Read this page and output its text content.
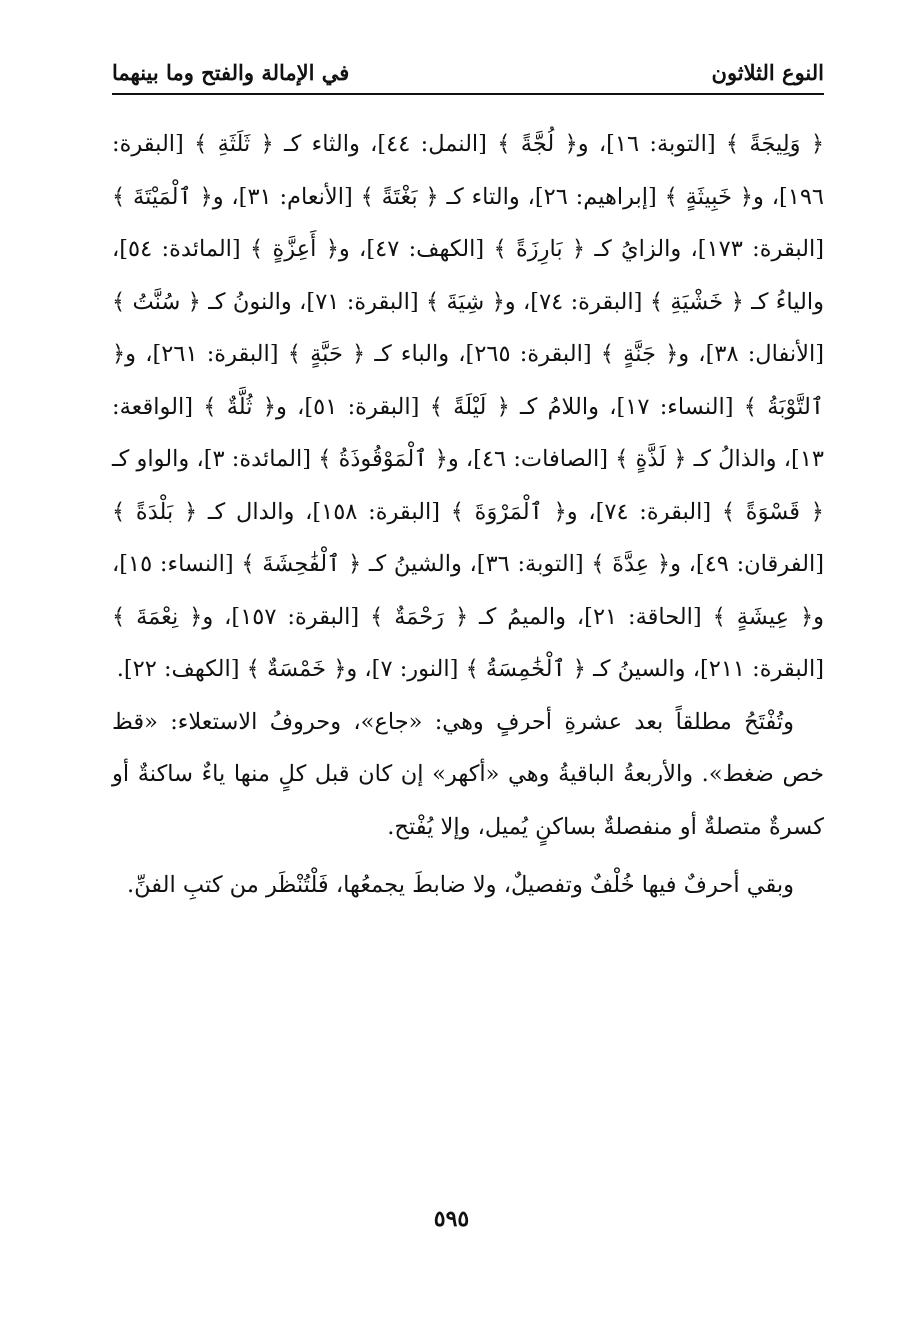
النوع الثلاثون
في الإمالة والفتح وما بينهما

﴿ وَلِيجَةً ﴾ [التوبة: ١٦]، و﴿ لُجَّةً ﴾ [النمل: ٤٤]، والثاء كـ ﴿ ثَلَثَةِ ﴾ [البقرة: ١٩٦]، و﴿ خَبِيثَةٍ ﴾ [إبراهيم: ٢٦]، والتاء كـ ﴿ بَغْتَةً ﴾ [الأنعام: ٣١]، و﴿ ٱلْمَيْتَةَ ﴾ [البقرة: ١٧٣]، والزايُ كـ ﴿ بَارِزَةً ﴾ [الكهف: ٤٧]، و﴿ أَعِزَّةٍ ﴾ [المائدة: ٥٤]، والياءُ كـ ﴿ خَشْيَةِ ﴾ [البقرة: ٧٤]، و﴿ شِيَةَ ﴾ [البقرة: ٧١]، والنونُ كـ ﴿ سُنَّتُ ﴾ [الأنفال: ٣٨]، و﴿ جَنَّةٍ ﴾ [البقرة: ٢٦٥]، والباء كـ ﴿ حَبَّةٍ ﴾ [البقرة: ٢٦١]، و﴿ ٱلتَّوْبَةُ ﴾ [النساء: ١٧]، واللامُ كـ ﴿ لَيْلَةً ﴾ [البقرة: ٥١]، و﴿ ثُلَّةٌ ﴾ [الواقعة: ١٣]، والذالُ كـ ﴿ لَذَّةٍ ﴾ [الصافات: ٤٦]، و﴿ ٱلْمَوْقُوذَةُ ﴾ [المائدة: ٣]، والواو كـ ﴿ قَسْوَةً ﴾ [البقرة: ٧٤]، و﴿ ٱلْمَرْوَةَ ﴾ [البقرة: ١٥٨]، والدال كـ ﴿ بَلْدَةً ﴾ [الفرقان: ٤٩]، و﴿ عِدَّةَ ﴾ [التوبة: ٣٦]، والشينُ كـ ﴿ ٱلْفَٰحِشَةَ ﴾ [النساء: ١٥]، و﴿ عِيشَةٍ ﴾ [الحاقة: ٢١]، والميمُ كـ ﴿ رَحْمَةٌ ﴾ [البقرة: ١٥٧]، و﴿ نِعْمَةَ ﴾ [البقرة: ٢١١]، والسينُ كـ ﴿ ٱلْخَٰمِسَةُ ﴾ [النور: ٧]، و﴿ خَمْسَةٌ ﴾ [الكهف: ٢٢].

وتُفْتَحُ مطلقاً بعد عشرةِ أحرفٍ وهي: «جاع»، وحروفُ الاستعلاء: «قظ خص ضغط». والأربعةُ الباقيةُ وهي «أكهر» إن كان قبل كلٍ منها ياءٌ ساكنةٌ أو كسرةٌ متصلةٌ أو منفصلةٌ بساكنٍ يُميل، وإلا يُفْتح.

وبقي أحرفٌ فيها خُلْفٌ وتفصيلٌ، ولا ضابطَ يجمعُها، فَلْتُنْظَر من كتبِ الفنِّ.

٥٩٥
